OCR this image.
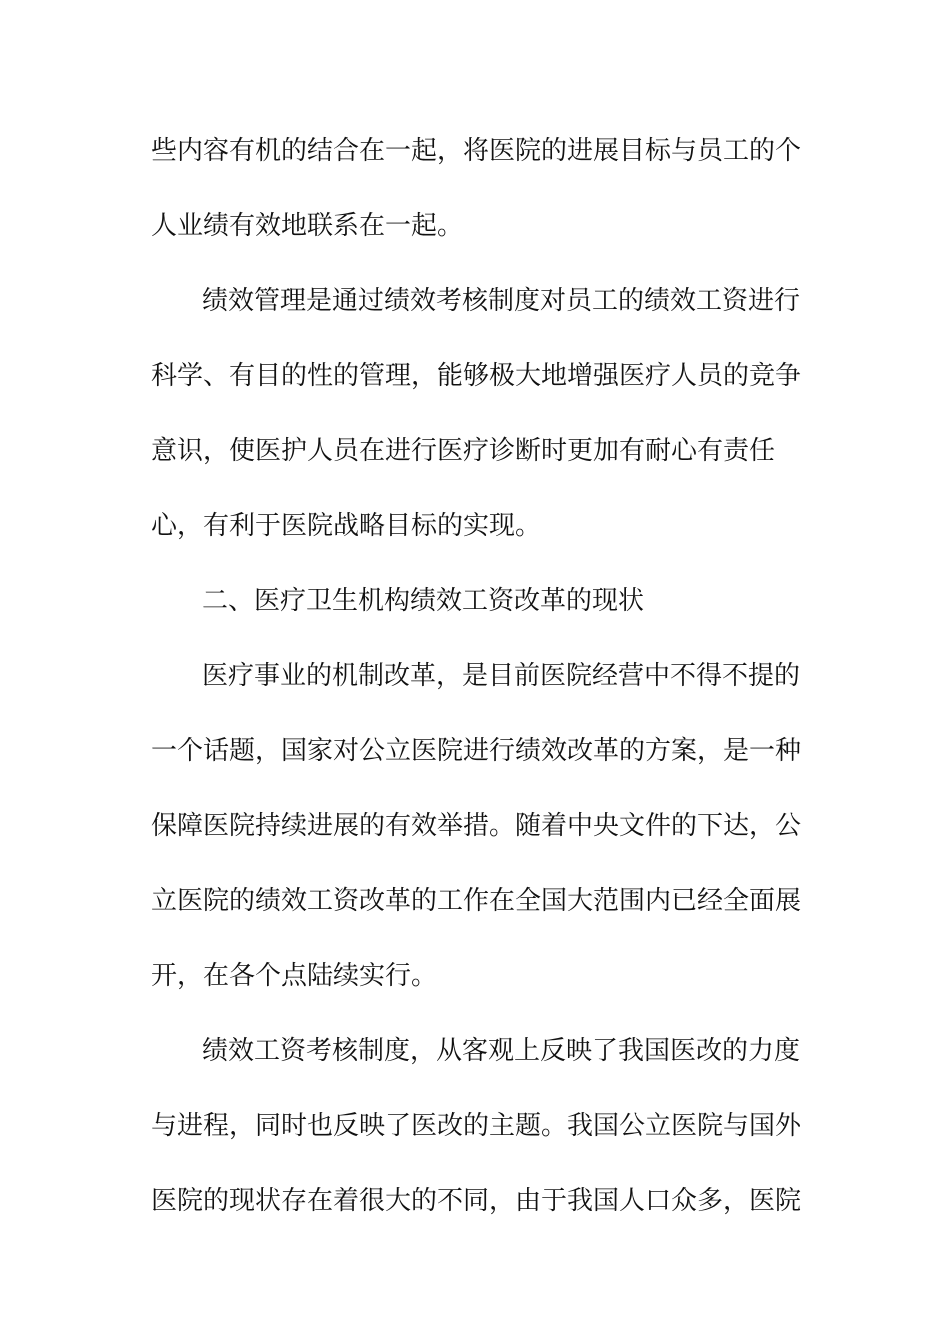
些内容有机的结合在一起，将医院的进展目标与员工的个
人业绩有效地联系在一起。
绩效管理是通过绩效考核制度对员工的绩效工资进行
科学、有目的性的管理，能够极大地增强医疗人员的竞争
意识，使医护人员在进行医疗诊断时更加有耐心有责任
心，有利于医院战略目标的实现。
二、医疗卫生机构绩效工资改革的现状
医疗事业的机制改革，是目前医院经营中不得不提的
一个话题，国家对公立医院进行绩效改革的方案，是一种
保障医院持续进展的有效举措。随着中央文件的下达，公
立医院的绩效工资改革的工作在全国大范围内已经全面展
开，在各个点陆续实行。
绩效工资考核制度，从客观上反映了我国医改的力度
与进程，同时也反映了医改的主题。我国公立医院与国外
医院的现状存在着很大的不同，由于我国人口众多，医院
